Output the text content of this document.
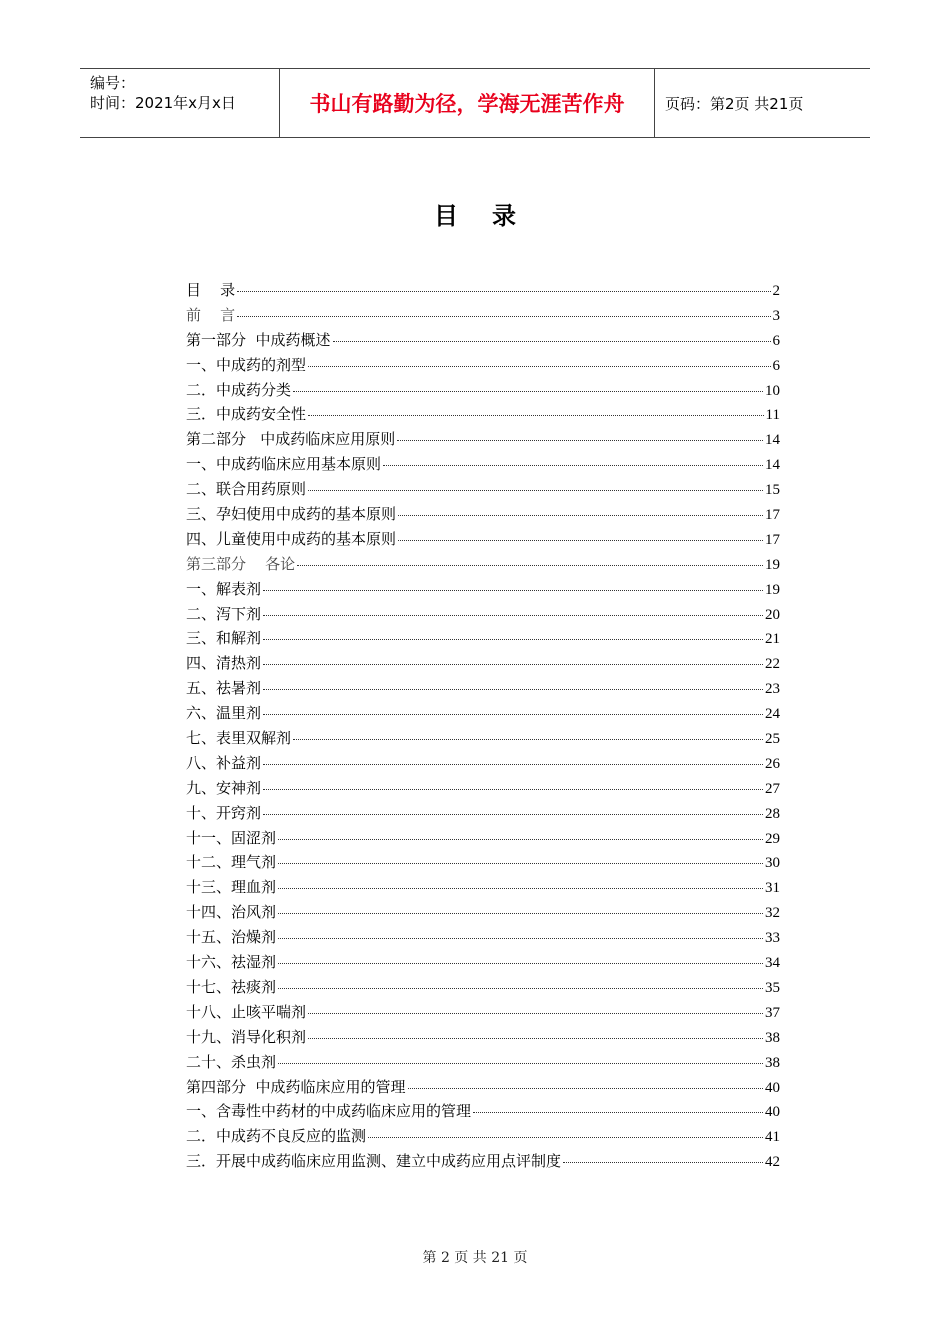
编号：
时间：2021年x月x日	书山有路勤为径，学海无涯苦作舟	页码：第2页 共21页
目录
目    录	2
前    言	3
第一部分  中成药概述	6
一、中成药的剂型	6
二．中成药分类	10
三．中成药安全性	11
第二部分   中成药临床应用原则	14
一、中成药临床应用基本原则	14
二、联合用药原则	15
三、孕妇使用中成药的基本原则	17
四、儿童使用中成药的基本原则	17
第三部分    各论	19
一、解表剂	19
二、泻下剂	20
三、和解剂	21
四、清热剂	22
五、祛暑剂	23
六、温里剂	24
七、表里双解剂	25
八、补益剂	26
九、安神剂	27
十、开窍剂	28
十一、固涩剂	29
十二、理气剂	30
十三、理血剂	31
十四、治风剂	32
十五、治燥剂	33
十六、祛湿剂	34
十七、祛痰剂	35
十八、止咳平喘剂	37
十九、消导化积剂	38
二十、杀虫剂	38
第四部分  中成药临床应用的管理	40
一、含毒性中药材的中成药临床应用的管理	40
二．中成药不良反应的监测	41
三．开展中成药临床应用监测、建立中成药应用点评制度	42
第 2 页 共 21 页
